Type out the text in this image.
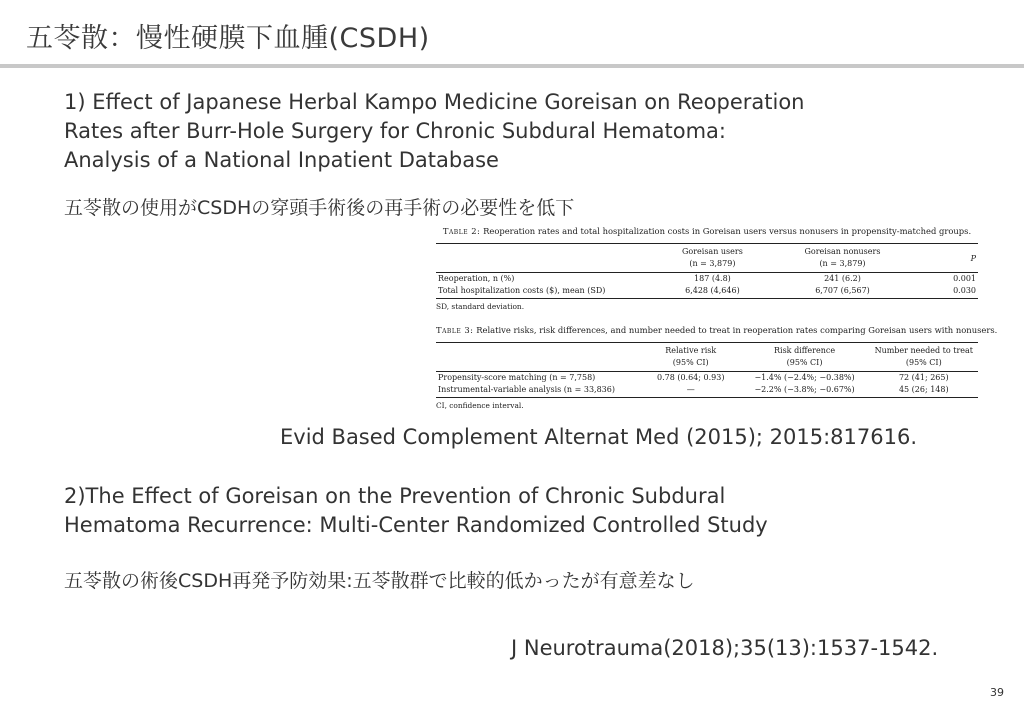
五苓散：慢性硬膜下血腫(CSDH)
1) Effect of Japanese Herbal Kampo Medicine Goreisan on Reoperation
Rates after Burr-Hole Surgery for Chronic Subdural Hematoma:
Analysis of a National Inpatient Database
五苓散の使用がCSDHの穿頭手術後の再手術の必要性を低下
Table 2: Reoperation rates and total hospitalization costs in Goreisan users versus nonusers in propensity-matched groups.
	Goreisan users	Goreisan nonusers	P
	(n = 3,879)	(n = 3,879)	
Reoperation, n (%)	187 (4.8)	241 (6.2)	0.001
Total hospitalization costs ($), mean (SD)	6,428 (4,646)	6,707 (6,567)	0.030
SD, standard deviation.
Table 3: Relative risks, risk differences, and number needed to treat in reoperation rates comparing Goreisan users with nonusers.
	Relative risk	Risk difference	Number needed to treat
	(95% CI)	(95% CI)	(95% CI)
Propensity-score matching (n = 7,758)	0.78 (0.64; 0.93)	−1.4% (−2.4%; −0.38%)	72 (41; 265)
Instrumental-variable analysis (n = 33,836)	—	−2.2% (−3.8%; −0.67%)	45 (26; 148)
CI, confidence interval.
Evid Based Complement Alternat Med (2015); 2015:817616.
2)The Effect of Goreisan on the Prevention of Chronic Subdural
Hematoma Recurrence: Multi-Center Randomized Controlled Study
五苓散の術後CSDH再発予防効果:五苓散群で比較的低かったが有意差なし
J Neurotrauma(2018);35(13):1537-1542.
39
